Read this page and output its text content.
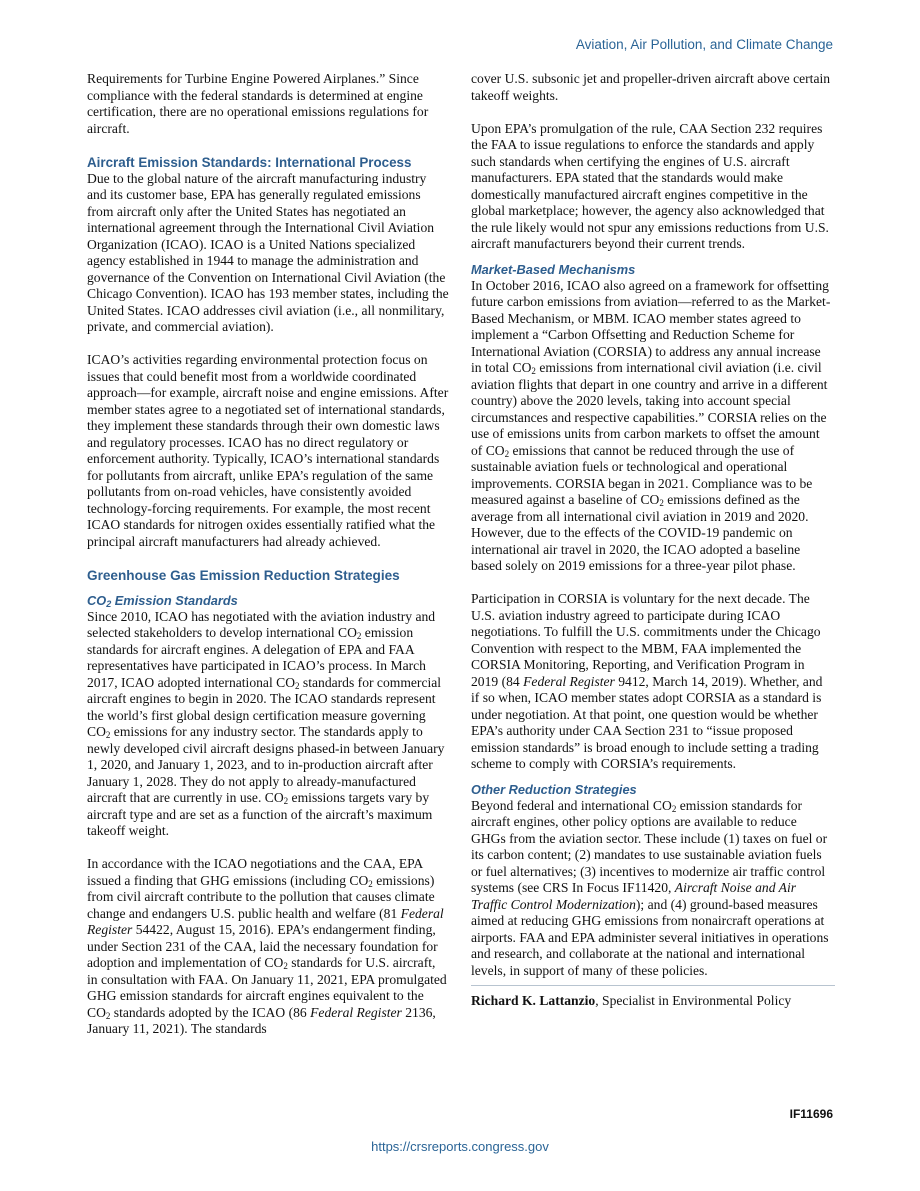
Aviation, Air Pollution, and Climate Change

Requirements for Turbine Engine Powered Airplanes.” Since compliance with the federal standards is determined at engine certification, there are no operational emissions regulations for aircraft.

Aircraft Emission Standards: International Process

Due to the global nature of the aircraft manufacturing industry and its customer base, EPA has generally regulated emissions from aircraft only after the United States has negotiated an international agreement through the International Civil Aviation Organization (ICAO). ICAO is a United Nations specialized agency established in 1944 to manage the administration and governance of the Convention on International Civil Aviation (the Chicago Convention). ICAO has 193 member states, including the United States. ICAO addresses civil aviation (i.e., all nonmilitary, private, and commercial aviation).

ICAO’s activities regarding environmental protection focus on issues that could benefit most from a worldwide coordinated approach—for example, aircraft noise and engine emissions. After member states agree to a negotiated set of international standards, they implement these standards through their own domestic laws and regulatory processes. ICAO has no direct regulatory or enforcement authority. Typically, ICAO’s international standards for pollutants from aircraft, unlike EPA’s regulation of the same pollutants from on-road vehicles, have consistently avoided technology-forcing requirements. For example, the most recent ICAO standards for nitrogen oxides essentially ratified what the principal aircraft manufacturers had already achieved.

Greenhouse Gas Emission Reduction Strategies
$CO_2$ Emission Standards

Since 2010, ICAO has negotiated with the aviation industry and selected stakeholders to develop international $CO_2$ emission standards for aircraft engines. A delegation of EPA and FAA representatives have participated in ICAO’s process. In March 2017, ICAO adopted international $CO_2$ standards for commercial aircraft engines to begin in 2020. The ICAO standards represent the world’s first global design certification measure governing $CO_2$ emissions for any industry sector. The standards apply to newly developed civil aircraft designs phased-in between January 1, 2020, and January 1, 2023, and to in-production aircraft after January 1, 2028. They do not apply to already-manufactured aircraft that are currently in use. $CO_2$ emissions targets vary by aircraft type and are set as a function of the aircraft’s maximum takeoff weight.

In accordance with the ICAO negotiations and the CAA, EPA issued a finding that GHG emissions (including $CO_2$ emissions) from civil aircraft contribute to the pollution that causes climate change and endangers U.S. public health and welfare (81 Federal Register 54422, August 15, 2016). EPA’s endangerment finding, under Section 231 of the CAA, laid the necessary foundation for adoption and implementation of $CO_2$ standards for U.S. aircraft, in consultation with FAA. On January 11, 2021, EPA promulgated GHG emission standards for aircraft engines equivalent to the $CO_2$ standards adopted by the ICAO (86 Federal Register 2136, January 11, 2021). The standards

cover U.S. subsonic jet and propeller-driven aircraft above certain takeoff weights.

Upon EPA’s promulgation of the rule, CAA Section 232 requires the FAA to issue regulations to enforce the standards and apply such standards when certifying the engines of U.S. aircraft manufacturers. EPA stated that the standards would make domestically manufactured aircraft engines competitive in the global marketplace; however, the agency also acknowledged that the rule likely would not spur any emissions reductions from U.S. aircraft manufacturers beyond their current trends.

Market-Based Mechanisms

In October 2016, ICAO also agreed on a framework for offsetting future carbon emissions from aviation—referred to as the Market-Based Mechanism, or MBM. ICAO member states agreed to implement a “Carbon Offsetting and Reduction Scheme for International Aviation (CORSIA) to address any annual increase in total $CO_2$ emissions from international civil aviation (i.e. civil aviation flights that depart in one country and arrive in a different country) above the 2020 levels, taking into account special circumstances and respective capabilities.” CORSIA relies on the use of emissions units from carbon markets to offset the amount of $CO_2$ emissions that cannot be reduced through the use of sustainable aviation fuels or technological and operational improvements. CORSIA began in 2021. Compliance was to be measured against a baseline of $CO_2$ emissions defined as the average from all international civil aviation in 2019 and 2020. However, due to the effects of the COVID-19 pandemic on international air travel in 2020, the ICAO adopted a baseline based solely on 2019 emissions for a three-year pilot phase.

Participation in CORSIA is voluntary for the next decade. The U.S. aviation industry agreed to participate during ICAO negotiations. To fulfill the U.S. commitments under the Chicago Convention with respect to the MBM, FAA implemented the CORSIA Monitoring, Reporting, and Verification Program in 2019 (84 Federal Register 9412, March 14, 2019). Whether, and if so when, ICAO member states adopt CORSIA as a standard is under negotiation. At that point, one question would be whether EPA’s authority under CAA Section 231 to “issue proposed emission standards” is broad enough to include setting a trading scheme to comply with CORSIA’s requirements.

Other Reduction Strategies

Beyond federal and international $CO_2$ emission standards for aircraft engines, other policy options are available to reduce GHGs from the aviation sector. These include (1) taxes on fuel or its carbon content; (2) mandates to use sustainable aviation fuels or fuel alternatives; (3) incentives to modernize air traffic control systems (see CRS In Focus IF11420, Aircraft Noise and Air Traffic Control Modernization); and (4) ground-based measures aimed at reducing GHG emissions from nonaircraft operations at airports. FAA and EPA administer several initiatives in operations and research, and collaborate at the national and international levels, in support of many of these policies.

Richard K. Lattanzio, Specialist in Environmental Policy

IF11696
https://crsreports.congress.gov
